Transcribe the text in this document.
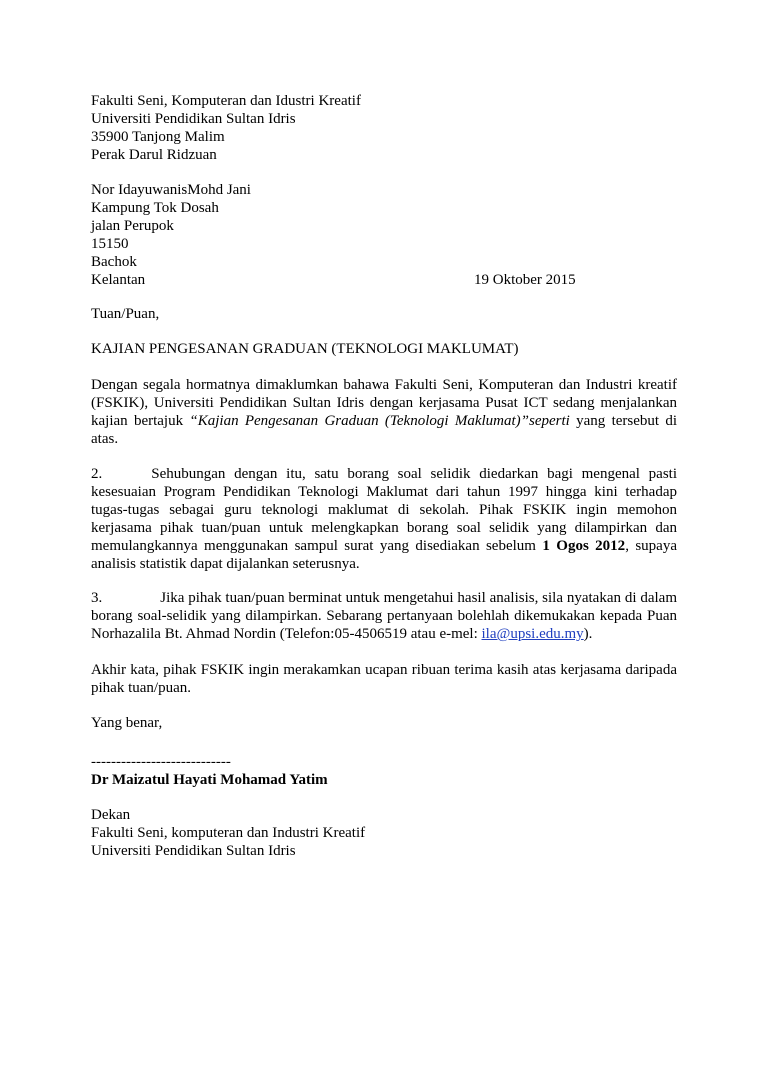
Fakulti Seni, Komputeran dan Idustri Kreatif
Universiti Pendidikan Sultan Idris
35900 Tanjong Malim
Perak Darul Ridzuan
Nor IdayuwanisMohd Jani
Kampung Tok Dosah
jalan Perupok
15150
Bachok
Kelantan	19 Oktober 2015
Tuan/Puan,
KAJIAN PENGESANAN GRADUAN (TEKNOLOGI MAKLUMAT)

Dengan segala hormatnya dimaklumkan bahawa Fakulti Seni, Komputeran dan Industri kreatif (FSKIK), Universiti Pendidikan Sultan Idris dengan kerjasama Pusat ICT sedang menjalankan kajian bertajuk “Kajian Pengesanan Graduan (Teknologi Maklumat)”seperti yang tersebut di atas.

2.	Sehubungan dengan itu, satu borang soal selidik diedarkan bagi mengenal pasti kesesuaian Program Pendidikan Teknologi Maklumat dari tahun 1997 hingga kini terhadap tugas-tugas sebagai guru teknologi maklumat di sekolah. Pihak FSKIK ingin memohon kerjasama pihak tuan/puan untuk melengkapkan borang soal selidik yang dilampirkan dan memulangkannya menggunakan sampul surat yang disediakan sebelum 1 Ogos 2012, supaya analisis statistik dapat dijalankan seterusnya.

3.	Jika pihak tuan/puan berminat untuk mengetahui hasil analisis, sila nyatakan di dalam borang soal-selidik yang dilampirkan. Sebarang pertanyaan bolehlah dikemukakan kepada Puan Norhazalila Bt. Ahmad Nordin (Telefon:05-4506519 atau e-mel: ila@upsi.edu.my).

Akhir kata, pihak FSKIK ingin merakamkan ucapan ribuan terima kasih atas kerjasama daripada pihak tuan/puan.

Yang benar,
----------------------------
Dr Maizatul Hayati Mohamad Yatim
Dekan
Fakulti Seni, komputeran dan Industri Kreatif
Universiti Pendidikan Sultan Idris
